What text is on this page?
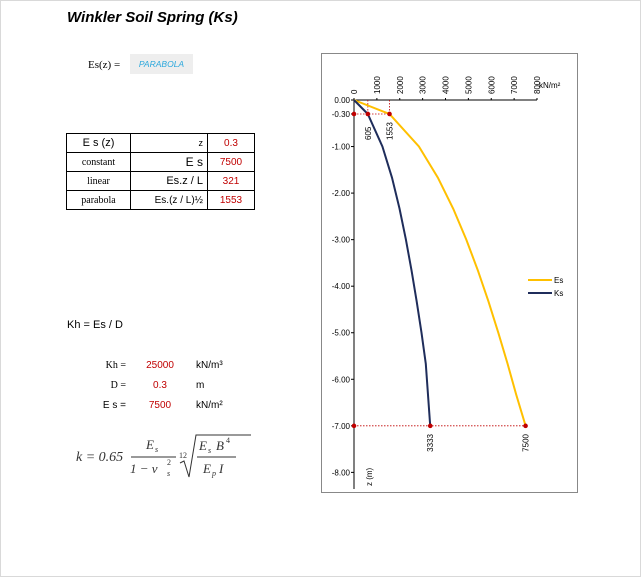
Winkler Soil Spring (Ks)
Es(z) =	PARABOLA
E s (z)	z	0.3
constant	E s	7500
linear	Es.z / L	321
parabola	Es.(z / L)½	1553
Kh = Es / D
Kh =	25000	kN/m³
D =	0.3	m
E s =	7500	kN/m²
k = 0.65
E s
1 − ν s
2
12
E s B 4
E p I
0.00
-0.30
-1.00
-2.00
-3.00
-4.00
-5.00
-6.00
-7.00
-8.00
0 1000 2000 3000 4000 5000 6000 7000 8000
kN/m²
z (m)
605 1553
3333	7500
Es
Ks
